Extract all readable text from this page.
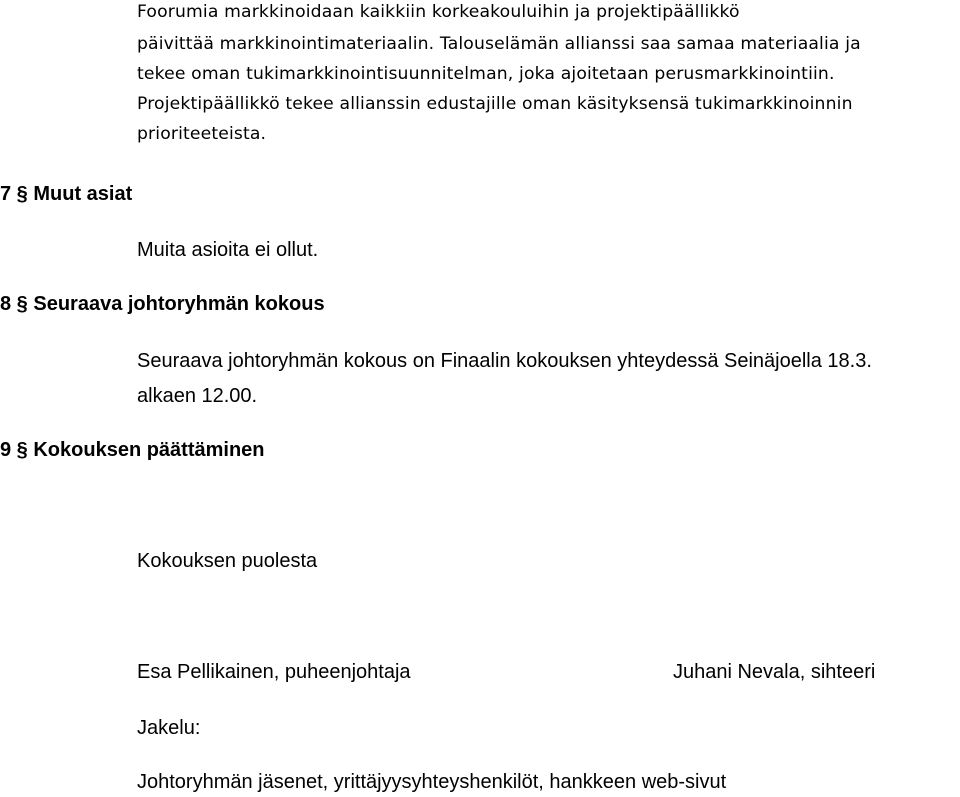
Foorumia markkinoidaan kaikkiin korkeakouluihin ja projektipäällikkö
päivittää markkinointimateriaalin. Talouselämän allianssi saa samaa materiaalia ja
tekee oman tukimarkkinointisuunnitelman, joka ajoitetaan perusmarkkinointiin.
Projektipäällikkö tekee allianssin edustajille oman käsityksensä tukimarkkinoinnin
prioriteeteista.
7 § Muut asiat
Muita asioita ei ollut.
8 § Seuraava johtoryhmän kokous
Seuraava johtoryhmän kokous on Finaalin kokouksen yhteydessä Seinäjoella 18.3.
alkaen 12.00.
9 § Kokouksen päättäminen
Kokouksen puolesta
Esa Pellikainen, puheenjohtaja	Juhani Nevala, sihteeri
Jakelu:
Johtoryhmän jäsenet, yrittäjyysyhteyshenkilöt, hankkeen web-sivut
